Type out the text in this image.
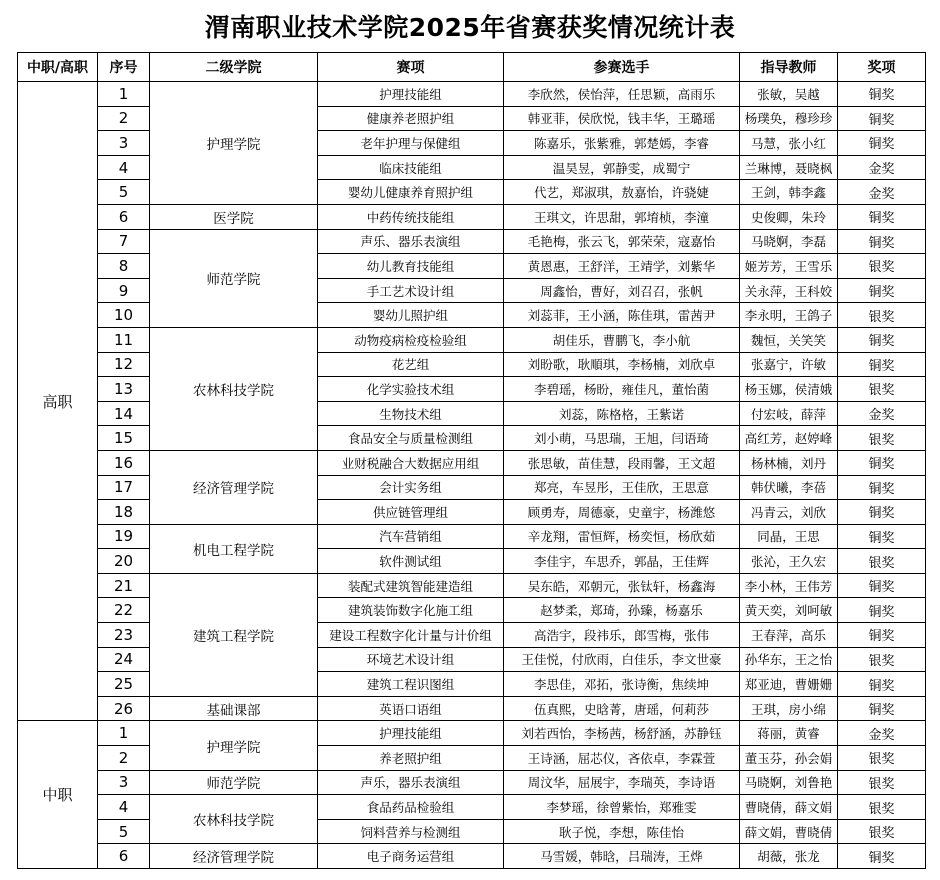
渭南职业技术学院2025年省赛获奖情况统计表
中职/高职	序号	二级学院	赛项	参赛选手	指导教师	奖项
高职	1	护理学院	护理技能组	李欣然，侯怡萍，任思颖，高雨乐	张敏，吴越	铜奖
	2		健康养老照护组	韩亚菲，侯欣悦，钱丰华，王璐瑶	杨璞奂，穆珍珍	铜奖
	3		老年护理与保健组	陈嘉乐，张紫雅，郭楚嫣，李睿	马慧，张小红	铜奖
	4		临床技能组	温昊昱，郭静雯，成蜀宁	兰琳博，聂晓枫	金奖
	5		婴幼儿健康养育照护组	代艺，郑淑琪，敖嘉怡，许骁婕	王剑，韩李鑫	金奖
	6	医学院	中药传统技能组	王琪文，许思甜，郭堉桢，李潼	史俊卿，朱玲	铜奖
	7	师范学院	声乐、器乐表演组	毛艳梅，张云飞，郭荣荣，寇嘉怡	马晓婀，李磊	铜奖
	8		幼儿教育技能组	黄恩惠，王舒洋，王靖学，刘紫华	姬芳芳，王雪乐	银奖
	9		手工艺术设计组	周鑫怡，曹好，刘召召，张帆	关永萍，王科姣	铜奖
	10		婴幼儿照护组	刘蕊菲，王小涵，陈佳琪，雷茜尹	李永明，王鸽子	银奖
	11	农林科技学院	动物疫病检疫检验组	胡佳乐，曹鹏飞，李小航	魏恒，关笑笑	铜奖
	12		花艺组	刘盼歌，耿順琪，李杨楠，刘欣卓	张嘉宁，许敏	铜奖
	13		化学实验技术组	李碧瑶，杨盼，雍佳凡，董怡菌	杨玉娜，侯清娥	银奖
	14		生物技术组	刘蕊，陈格格，王紫诺	付宏岐，薛萍	金奖
	15		食品安全与质量检测组	刘小萌，马思瑞，王旭，闫语琦	高红芳，赵婷峰	银奖
	16	经济管理学院	业财税融合大数据应用组	张思敏，苗佳慧，段雨馨，王文超	杨林楠，刘丹	铜奖
	17		会计实务组	郑亮，车昱彤，王佳欣，王思意	韩伏曦，李蓓	铜奖
	18		供应链管理组	顾勇寿，周德豪，史童宇，杨潍悠	冯青云，刘欣	铜奖
	19	机电工程学院	汽车营销组	辛龙翔，雷恒辉，杨奕恒，杨欣茹	同晶，王思	铜奖
	20		软件测试组	李佳宇，车思乔，郭晶，王佳辉	张沁，王久宏	银奖
	21	建筑工程学院	装配式建筑智能建造组	吴东皓，邓朝元，张钛轩，杨鑫海	李小林，王伟芳	铜奖
	22		建筑装饰数字化施工组	赵梦柔，郑琦，孙臻，杨嘉乐	黄天奕，刘呵敏	铜奖
	23		建设工程数字化计量与计价组	高浩宇，段祎乐，郎雪梅，张伟	王春萍，高乐	铜奖
	24		环境艺术设计组	王佳悦，付欣雨，白佳乐，李文世豪	孙华东，王之怡	银奖
	25		建筑工程识图组	李思佳，邓拓，张诗衡，焦续坤	郑亚迪，曹姗姗	铜奖
	26	基础课部	英语口语组	伍真熙，史晗菁，唐瑶，何莉莎	王琪，房小绵	铜奖
中职	1	护理学院	护理技能组	刘若西怡，李杨茜，杨舒涵，苏静钰	蒋丽，黄睿	金奖
	2		养老照护组	王诗涵，屈芯仪，吝依卓，李霖萱	董玉芬，孙会娟	银奖
	3	师范学院	声乐，器乐表演组	周汶华，屈展宇，李瑞英，李诗语	马晓婀，刘鲁艳	银奖
	4	农林科技学院	食品药品检验组	李梦瑶，徐曾紫怡，郑雅雯	曹晓倩，薛文娟	银奖
	5		饲料营养与检测组	耿子悦，李想，陈佳怡	薛文娟，曹晓倩	银奖
	6	经济管理学院	电子商务运营组	马雪媛，韩晗，吕瑞涛，王烨	胡薇，张龙	铜奖
